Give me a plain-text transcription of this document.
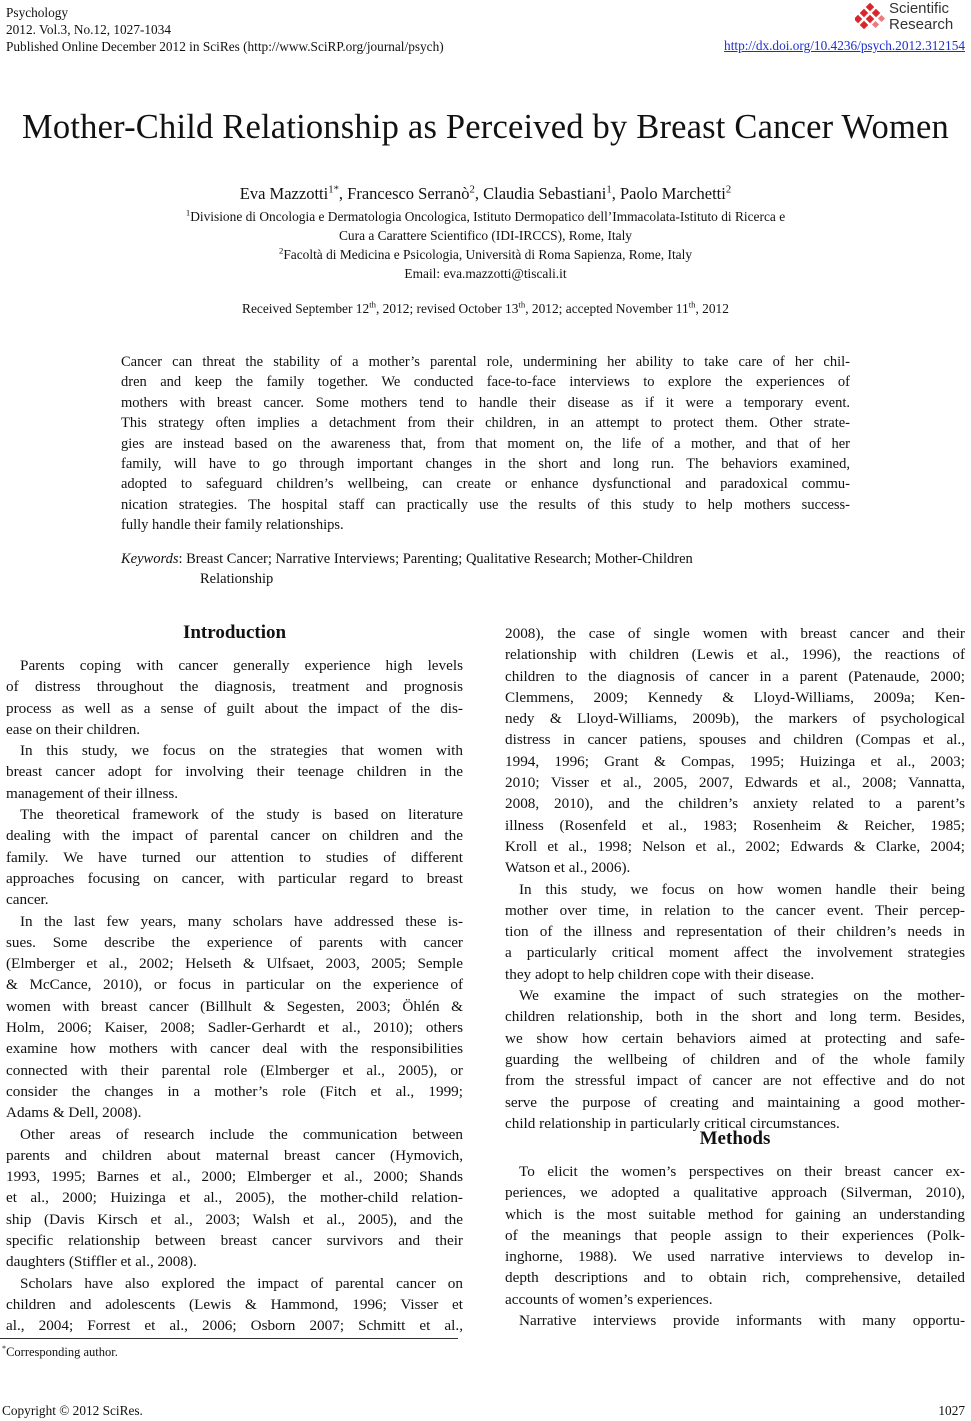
Psychology
2012. Vol.3, No.12, 1027-1034
Published Online December 2012 in SciRes (http://www.SciRP.org/journal/psych)
Scientific
Research
http://dx.doi.org/10.4236/psych.2012.312154
Mother-Child Relationship as Perceived by Breast Cancer Women
Eva Mazzotti$^{1*}$, Francesco Serranò$^2$, Claudia Sebastiani$^1$, Paolo Marchetti$^2$
$^1$Divisione di Oncologia e Dermatologia Oncologica, Istituto Dermopatico dell’Immacolata-Istituto di Ricerca e
Cura a Carattere Scientifico (IDI-IRCCS), Rome, Italy
$^2$Facoltà di Medicina e Psicologia, Università di Roma Sapienza, Rome, Italy
Email: eva.mazzotti@tiscali.it
Received September 12th, 2012; revised October 13th, 2012; accepted November 11th, 2012
Cancer can threat the stability of a mother’s parental role, undermining her ability to take care of her chil-
dren and keep the family together. We conducted face-to-face interviews to explore the experiences of
mothers with breast cancer. Some mothers tend to handle their disease as if it were a temporary event.
This strategy often implies a detachment from their children, in an attempt to protect them. Other strate-
gies are instead based on the awareness that, from that moment on, the life of a mother, and that of her
family, will have to go through important changes in the short and long run. The behaviors examined,
adopted to safeguard children’s wellbeing, can create or enhance dysfunctional and paradoxical commu-
nication strategies. The hospital staff can practically use the results of this study to help mothers success-
fully handle their family relationships.
Keywords: Breast Cancer; Narrative Interviews; Parenting; Qualitative Research; Mother-Children
Relationship
Introduction
Parents coping with cancer generally experience high levels
of distress throughout the diagnosis, treatment and prognosis
process as well as a sense of guilt about the impact of the dis-
ease on their children.
In this study, we focus on the strategies that women with
breast cancer adopt for involving their teenage children in the
management of their illness.
The theoretical framework of the study is based on literature
dealing with the impact of parental cancer on children and the
family. We have turned our attention to studies of different
approaches focusing on cancer, with particular regard to breast
cancer.
In the last few years, many scholars have addressed these is-
sues. Some describe the experience of parents with cancer
(Elmberger et al., 2002; Helseth & Ulfsaet, 2003, 2005; Semple
& McCance, 2010), or focus in particular on the experience of
women with breast cancer (Billhult & Segesten, 2003; Öhlén &
Holm, 2006; Kaiser, 2008; Sadler-Gerhardt et al., 2010); others
examine how mothers with cancer deal with the responsibilities
connected with their parental role (Elmberger et al., 2005), or
consider the changes in a mother’s role (Fitch et al., 1999;
Adams & Dell, 2008).
Other areas of research include the communication between
parents and children about maternal breast cancer (Hymovich,
1993, 1995; Barnes et al., 2000; Elmberger et al., 2000; Shands
et al., 2000; Huizinga et al., 2005), the mother-child relation-
ship (Davis Kirsch et al., 2003; Walsh et al., 2005), and the
specific relationship between breast cancer survivors and their
daughters (Stiffler et al., 2008).
Scholars have also explored the impact of parental cancer on
children and adolescents (Lewis & Hammond, 1996; Visser et
al., 2004; Forrest et al., 2006; Osborn 2007; Schmitt et al.,
2008), the case of single women with breast cancer and their
relationship with children (Lewis et al., 1996), the reactions of
children to the diagnosis of cancer in a parent (Patenaude, 2000;
Clemmens, 2009; Kennedy & Lloyd-Williams, 2009a; Ken-
nedy & Lloyd-Williams, 2009b), the markers of psychological
distress in cancer patiens, spouses and children (Compas et al.,
1994, 1996; Grant & Compas, 1995; Huizinga et al., 2003;
2010; Visser et al., 2005, 2007, Edwards et al., 2008; Vannatta,
2008, 2010), and the children’s anxiety related to a parent’s
illness (Rosenfeld et al., 1983; Rosenheim & Reicher, 1985;
Kroll et al., 1998; Nelson et al., 2002; Edwards & Clarke, 2004;
Watson et al., 2006).
In this study, we focus on how women handle their being
mother over time, in relation to the cancer event. Their percep-
tion of the illness and representation of their children’s needs in
a particularly critical moment affect the involvement strategies
they adopt to help children cope with their disease.
We examine the impact of such strategies on the mother-
children relationship, both in the short and long term. Besides,
we show how certain behaviors aimed at protecting and safe-
guarding the wellbeing of children and of the whole family
from the stressful impact of cancer are not effective and do not
serve the purpose of creating and maintaining a good mother-
child relationship in particularly critical circumstances.
Methods
To elicit the women’s perspectives on their breast cancer ex-
periences, we adopted a qualitative approach (Silverman, 2010),
which is the most suitable method for gaining an understanding
of the meanings that people assign to their experiences (Polk-
inghorne, 1988). We used narrative interviews to develop in-
depth descriptions and to obtain rich, comprehensive, detailed
accounts of women’s experiences.
Narrative interviews provide informants with many opportu-
*Corresponding author.
Copyright © 2012 SciRes.	1027
